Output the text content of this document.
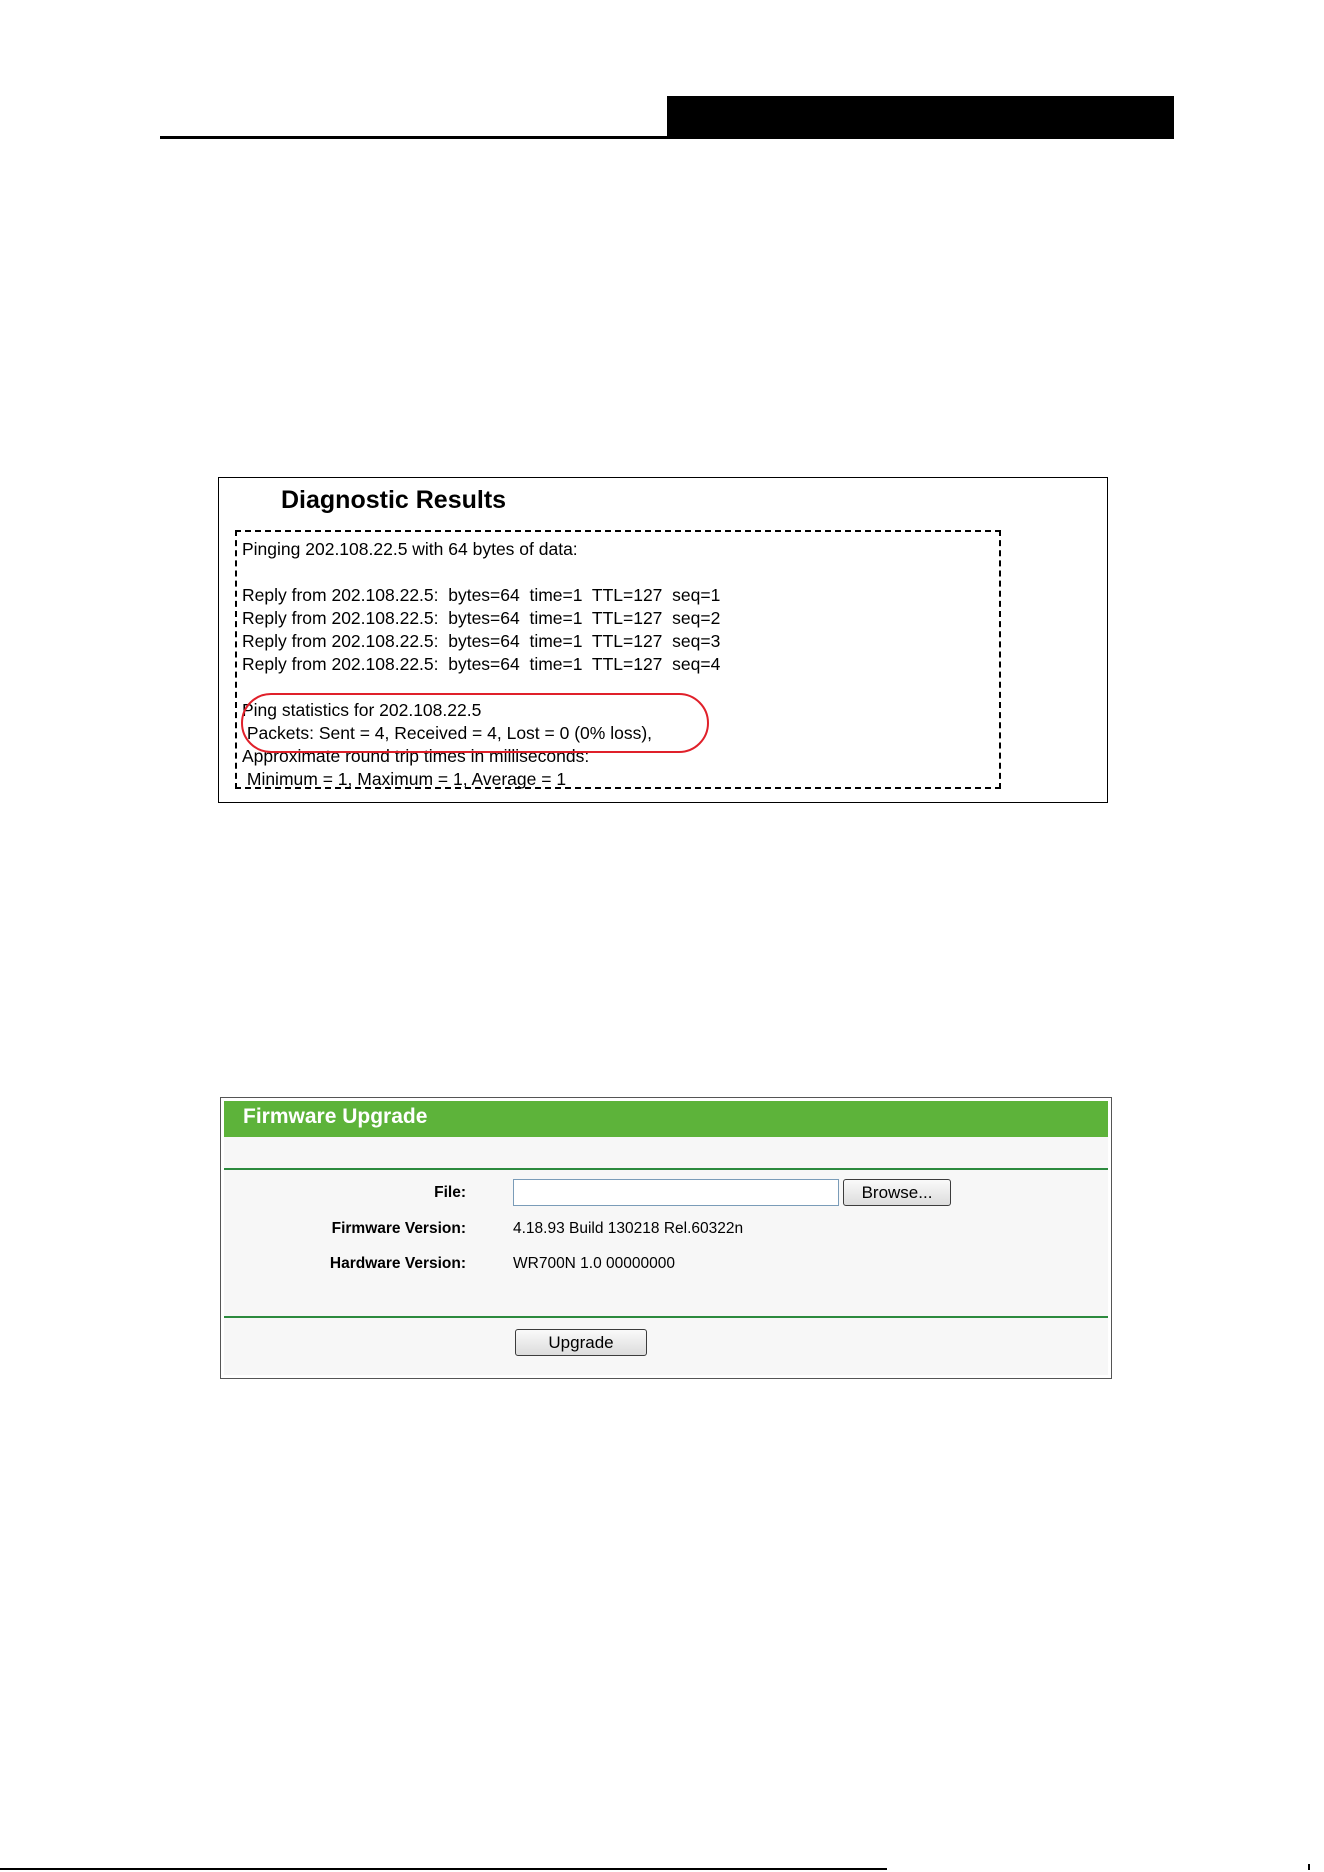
Diagnostic Results
Pinging 202.108.22.5 with 64 bytes of data:
Reply from 202.108.22.5:  bytes=64  time=1  TTL=127  seq=1
Reply from 202.108.22.5:  bytes=64  time=1  TTL=127  seq=2
Reply from 202.108.22.5:  bytes=64  time=1  TTL=127  seq=3
Reply from 202.108.22.5:  bytes=64  time=1  TTL=127  seq=4
Ping statistics for 202.108.22.5
Packets: Sent = 4, Received = 4, Lost = 0 (0% loss),
Approximate round trip times in milliseconds:
Minimum = 1, Maximum = 1, Average = 1
Firmware Upgrade
File:	Browse...
Firmware Version:	4.18.93 Build 130218 Rel.60322n
Hardware Version:	WR700N 1.0 00000000
Upgrade
